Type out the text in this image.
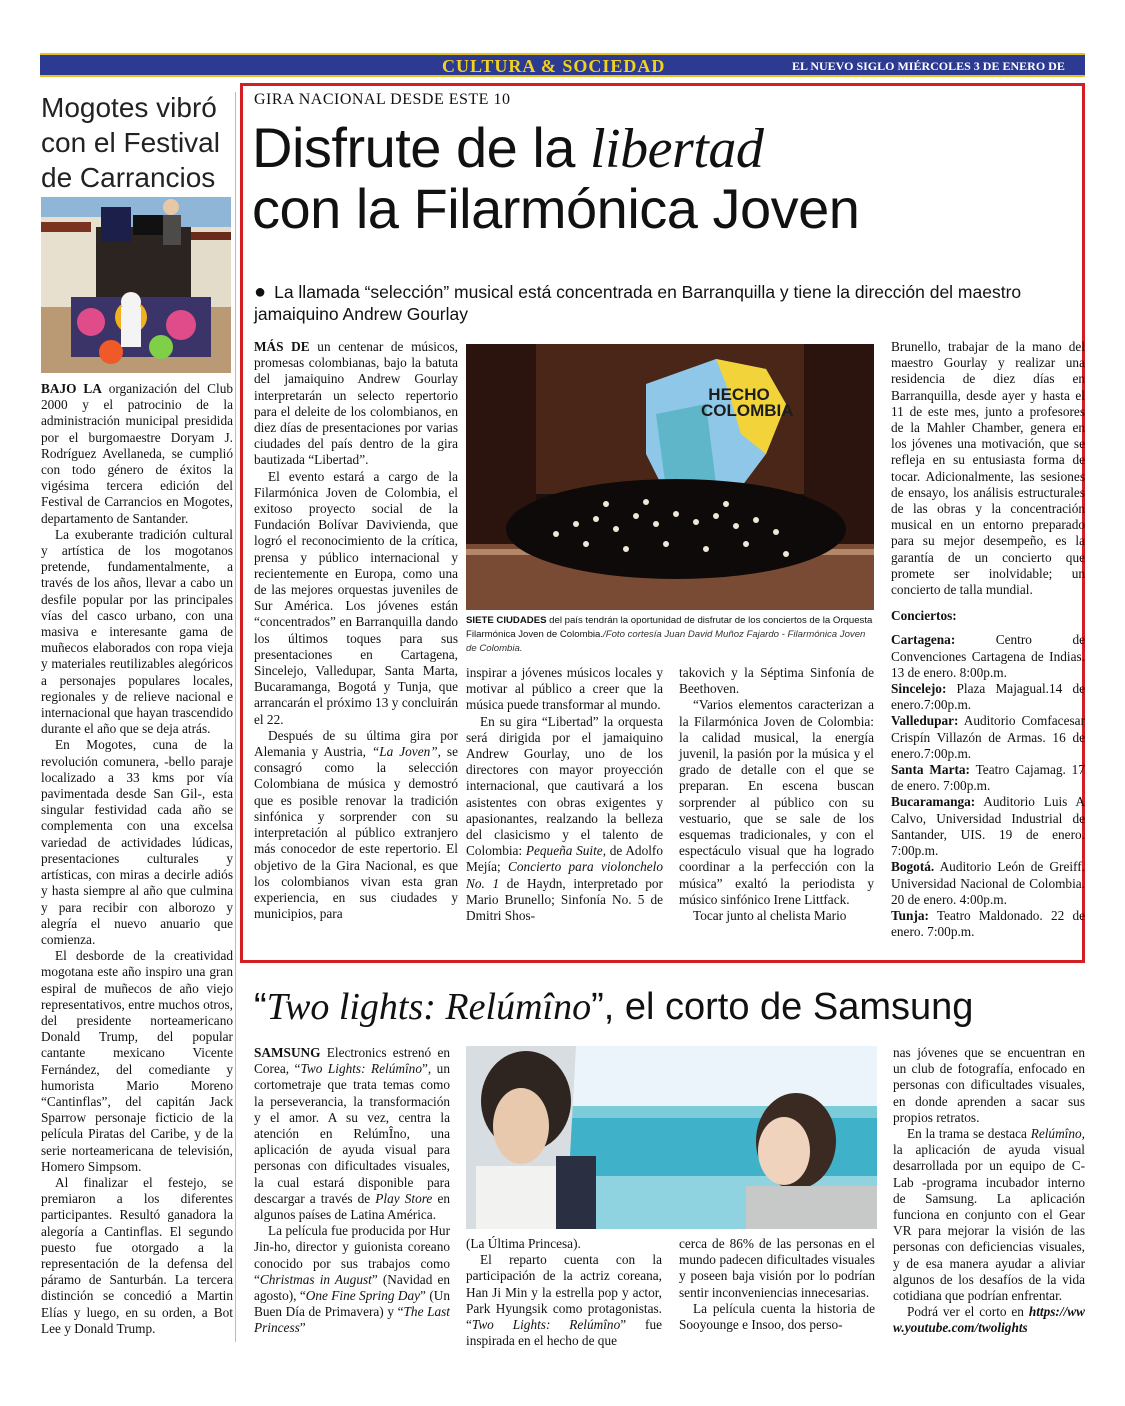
CULTURA & SOCIEDAD	EL NUEVO SIGLO MIÉRCOLES 3 DE ENERO DE 2018
3B
Mogotes vibró con el Festival de Carrancios

BAJO LA organización del Club 2000 y el patrocinio de la administración municipal presidida por el burgomaestre Doryam J. Rodríguez Avellaneda, se cumplió con todo género de éxitos la vigésima tercera edición del Festival de Carrancios en Mogotes, departamento de Santander.

La exuberante tradición cultural y artística de los mogotanos pretende, fundamentalmente, a través de los años, llevar a cabo un desfile popular por las principales vías del casco urbano, con una masiva e interesante gama de muñecos elaborados con ropa vieja y materiales reutilizables alegóricos a personajes populares locales, regionales y de relieve nacional e internacional que hayan trascendido durante el año que se deja atrás.

En Mogotes, cuna de la revolución comunera, -bello paraje localizado a 33 kms por vía pavimentada desde San Gil-, esta singular festividad cada año se complementa con una excelsa variedad de actividades lúdicas, presentaciones culturales y artísticas, con miras a decirle adiós y hasta siempre al año que culmina y para recibir con alborozo y alegría el nuevo anuario que comienza.

El desborde de la creatividad mogotana este año inspiro una gran espiral de muñecos de año viejo representativos, entre muchos otros, del presidente norteamericano Donald Trump, del popular cantante mexicano Vicente Fernández, del comediante y humorista Mario Moreno “Cantinflas”, del capitán Jack Sparrow personaje ficticio de la película Piratas del Caribe, y de la serie norteamericana de televisión, Homero Simpsom.

Al finalizar el festejo, se premiaron a los diferentes participantes. Resultó ganadora la alegoría a Cantinflas. El segundo puesto fue otorgado a la representación de la defensa del páramo de Santurbán. La tercera distinción se concedió a Martin Elías y luego, en su orden, a Bot Lee y Donald Trump.

GIRA NACIONAL DESDE ESTE 10
Disfrute de la libertad
con la Filarmónica Joven
● La llamada “selección” musical está concentrada en Barranquilla y tiene la dirección del maestro jamaiquino Andrew Gourlay

MÁS DE un centenar de músicos, promesas colombianas, bajo la batuta del jamaiquino Andrew Gourlay interpretarán un selecto repertorio para el deleite de los colombianos, en diez días de presentaciones por varias ciudades del país dentro de la gira bautizada “Libertad”.

El evento estará a cargo de la Filarmónica Joven de Colombia, el exitoso proyecto social de la Fundación Bolívar Davivienda, que logró el reconocimiento de la crítica, prensa y público internacional y recientemente en Europa, como una de las mejores orquestas juveniles de Sur América. Los jóvenes están “concentrados” en Barranquilla dando los últimos toques para sus presentaciones en Cartagena, Sincelejo, Valledupar, Santa Marta, Bucaramanga, Bogotá y Tunja, que arrancarán el próximo 13 y concluirán el 22.

Después de su última gira por Alemania y Austria, “La Joven”, se consagró como la selección Colombiana de música y demostró que es posible renovar la tradición sinfónica y sorprender con su interpretación al público extranjero más conocedor de este repertorio. El objetivo de la Gira Nacional, es que los colombianos vivan esta gran experiencia, en sus ciudades y municipios, para

HECHO
COLOMBIA
SIETE CIUDADES del país tendrán la oportunidad de disfrutar de los conciertos de la Orquesta Filarmónica Joven de Colombia./Foto cortesía Juan David Muñoz Fajardo - Filarmónica Joven de Colombia.

inspirar a jóvenes músicos locales y motivar al público a creer que la música puede transformar al mundo.

En su gira “Libertad” la orquesta será dirigida por el jamaiquino Andrew Gourlay, uno de los directores con mayor proyección internacional, que cautivará a los asistentes con obras exigentes y apasionantes, realzando la belleza del clasicismo y el talento de Colombia: Pequeña Suite, de Adolfo Mejía; Concierto para violonchelo No. 1 de Haydn, interpretado por Mario Brunello; Sinfonía No. 5 de Dmitri Shos-

takovich y la Séptima Sinfonía de Beethoven.

“Varios elementos caracterizan a la Filarmónica Joven de Colombia: la calidad musical, la energía juvenil, la pasión por la música y el grado de detalle con el que se preparan. En escena buscan sorprender al público con su vestuario, que se sale de los esquemas tradicionales, y con el espectáculo visual que ha logrado coordinar a la perfección con la música” exaltó la periodista y músico sinfónico Irene Littfack.

Tocar junto al chelista Mario

Brunello, trabajar de la mano del maestro Gourlay y realizar una residencia de diez días en Barranquilla, desde ayer y hasta el 11 de este mes, junto a profesores de la Mahler Chamber, genera en los jóvenes una motivación, que se refleja en su entusiasta forma de tocar. Adicionalmente, las sesiones de ensayo, los análisis estructurales de las obras y la concentración musical en un entorno preparado para su mejor desempeño, es la garantía de un concierto que promete ser inolvidable; un concierto de talla mundial.

Conciertos:

Cartagena: Centro de Convenciones Cartagena de Indias. 13 de enero. 8:00p.m.

Sincelejo: Plaza Majagual.14 de enero.7:00p.m.

Valledupar: Auditorio Comfacesar Crispín Villazón de Armas. 16 de enero.7:00p.m.

Santa Marta: Teatro Cajamag. 17 de enero. 7:00p.m.

Bucaramanga: Auditorio Luis A Calvo, Universidad Industrial de Santander, UIS. 19 de enero. 7:00p.m.

Bogotá. Auditorio León de Greiff. Universidad Nacional de Colombia. 20 de enero. 4:00p.m.

Tunja: Teatro Maldonado. 22 de enero. 7:00p.m.

“Two lights: Relúmîno”, el corto de Samsung

SAMSUNG Electronics estrenó en Corea, “Two Lights: Relúmîno”, un cortometraje que trata temas como la perseverancia, la transformación y el amor. A su vez, centra la atención en RelúmÎno, una aplicación de ayuda visual para personas con dificultades visuales, la cual estará disponible para descargar a través de Play Store en algunos países de Latina América.

La película fue producida por Hur Jin-ho, director y guionista coreano conocido por sus trabajos como “Christmas in August” (Navidad en agosto), “One Fine Spring Day” (Un Buen Día de Primavera) y “The Last Princess”

(La Última Princesa).

El reparto cuenta con la participación de la actriz coreana, Han Ji Min y la estrella pop y actor, Park Hyungsik como protagonistas. “Two Lights: Relúmîno” fue inspirada en el hecho de que

cerca de 86% de las personas en el mundo padecen dificultades visuales y poseen baja visión por lo podrían sentir inconveniencias innecesarias.

La película cuenta la historia de Sooyounge e Insoo, dos perso-

nas jóvenes que se encuentran en un club de fotografía, enfocado en personas con dificultades visuales, en donde aprenden a sacar sus propios retratos.

En la trama se destaca Relúmîno, la aplicación de ayuda visual desarrollada por un equipo de C-Lab -programa incubador interno de Samsung. La aplicación funciona en conjunto con el Gear VR para mejorar la visión de las personas con deficiencias visuales, y de esa manera ayudar a aliviar algunos de los desafíos de la vida cotidiana que podrían enfrentar.

Podrá ver el corto en https://www.youtube.com/twolights
